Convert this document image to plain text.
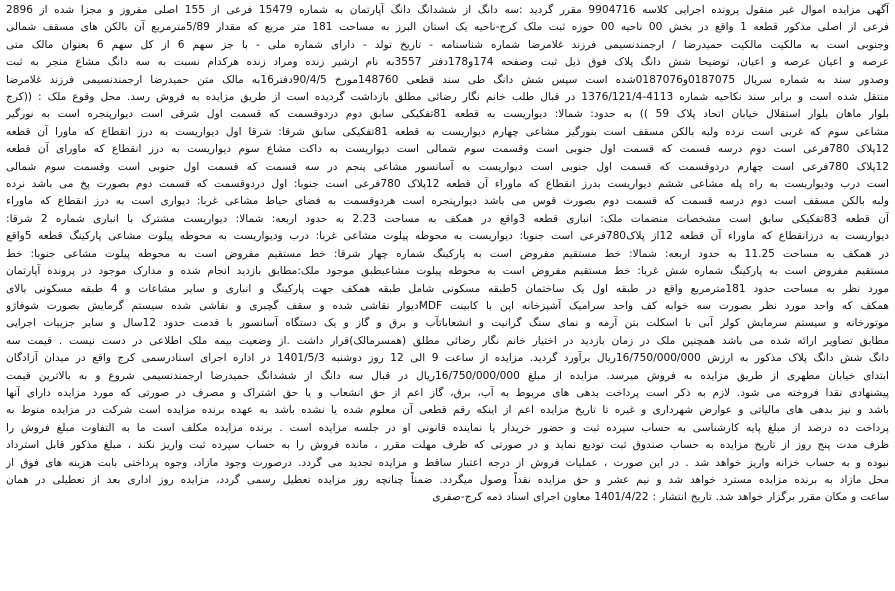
آگهی مزایده اموال غیر منقول پرونده اجرایی کلاسه 9904716 مقرر گردید :سه دانگ از ششدانگ دانگ آپارتمان به شماره 15479 فرعی از 155 اصلی مفروز و مجزا شده از 2896
فرعی از اصلی مذکور قطعه 1 واقع در بخش 00 ناحیه 00 حوزه ثبت ملک کرج-ناحیه یک استان البرز به مساحت 181 متر مربع که مقدار 5/89مترمربع آن بالکن های مسقف شمالی
وجنوبی است به مالکیت مالکیت حمیدرضا / ارجمندنسیمی فرزند غلامرضا شماره شناسنامه - تاریخ تولد - دارای شماره ملی - با جز سهم 6 از کل سهم 6 بعنوان مالک متی
عرصه و اعیان عرصه و اعیان، توضیحا شش دانگ پلاک فوق ذیل ثبت وصفحه 174و178دفتر 3557به نام ارشیر زنده ومراد زنده هرکدام نسبت به سه دانگ مشاع منجر به ثبت
وصدور سند به شماره سریال 0187075و0187076شده است سپس شش دانگ طی سند قطعی 148760مورخ 90/4/5دفتر16به مالک متن حمیدرضا ارجمندنسیمی فرزند غلامرضا
منتقل شده است و برابر سند نکاحیه شماره 4113-1376/121/4 در قبال طلب خانم نگار رضائی مطلق بازداشت گردیده است از طریق مزایده به فروش رسد. محل وقوع ملک : ((کرج
بلوار ماهان بلوار استقلال خیابان اتحاد پلاک 59 )) به حدود: شمالا: دیواریست به قطعه 81تفکیکی سابق دوم دردوقسمت که قسمت اول شرقی است دیوارپنجره است به نورگیر
مشاعی سوم که غربی است نرده ولبه بالکن مسقف است بنورگیر مشاعی چهارم دیواریست به قطعه 81تفکیکی سابق شرقا: شرقا اول دیواریست به درز انقطاع که ماورا آن قطعه
12پلاک 780فرعی است دوم درسه قسمت که قسمت اول جنوبی است وقسمت سوم شمالی است دیواریست به داکت مشاع سوم دیواریست به درز انقطاع که ماورای آن قطعه
12پلاک 780فرعی است چهارم دردوقسمت که قسمت اول جنوبی است دیواریست به آسانسور مشاعی پنجم در سه قسمت که قسمت اول جنوبی است وقسمت سوم شمالی
است درب ودیواریست به راه پله مشاعی ششم دیواریست بدرز انقطاع که ماوراء آن قطعه 12پلاک 780فرعی است جنوبا: اول دردوقسمت که قسمت دوم بصورت پخ می باشد نرده
ولبه بالکن مسقف است دوم درسه قسمت که قسمت دوم بصورت قوس می باشد دیوارپنجره است هردوقسمت به فضای حیاط مشاعی غربا: دیواری است به درز انقطاع که ماوراء
آن قطعه 83تفکیکی سابق است مشخصات منضمات ملک: انباری قطعه 3واقع در همکف به مساحت 2.23 به حدود اربعه: شمالا: دیواریست مشترک با انباری شماره 2 شرقا:
دیواریست به درزانقطاع که ماوراء آن قطعه 12از پلاک780فرعی است جنوبا: دیواریست به محوطه پیلوت مشاعی غربا: درب ودیواریست به محوطه پیلوت مشاعی پارکینگ قطعه 5واقع
در همکف به مساحت 11.25 به حدود اربعه: شمالا: خط مستقیم مفروض است به پارکینگ شماره چهار شرقا: خط مستقیم مفروض است به محوطه پیلوت مشاعی جنوبا: خط
مستقیم مفروض است به پارکینگ شماره شش غربا: خط مستقیم مفروض است به محوطه پیلوت مشاعیطبق موجود ملک:مطابق بازدید انجام شده و مدارک موجود در پرونده آپارتمان
مورد نظر به مساحت حدود 181مترمربع واقع در طبقه اول یک ساختمان 5طبقه مسکونی شامل طبقه همکف جهت پارکینگ و انباری و سایر مشاعات و 4 طبقه مسکونی بالای
همکف که واحد مورد نظر بصورت سه خوابه کف واحد سرامیک آشپزخانه اپن با کابینت MDFدیوار نقاشی شده و سقف گچبری و نقاشی شده سیستم گرمایش بصورت شوفاژو
موتورخانه و سیستم سرمایش کولر آبی با اسکلت بتن آرمه و نمای سنگ گرانیت و انشعاباتآب و برق و گاز و یک دستگاه آسانسور با قدمت حدود 12سال و سایر جزییات اجرایی
مطابق تصاویر ارائه شده می باشد همچنین ملک در زمان بازدید در اختیار خانم نگار رضائی مطلق (همسرمالک)قرار داشت .از وضعیت بیمه ملک اطلاعی در دست نیست . قیمت سه
دانگ شش دانگ پلاک مذکور به ارزش 16/750/000/000ریال برآورد گردید. مزایده از ساعت 9 الی 12 روز دوشنبه 1401/5/3 در اداره اجرای اسنادرسمی کرج واقع در میدان آزادگان
ابتدای خیابان مطهری از طریق مزایده به فروش میرسد. مزایده از مبلغ 16/750/000/000ریال در قبال سه دانگ از ششدانگ حمیدرضا ارجمندنسیمی شروع و به بالاترین قیمت
پیشنهادی نقدا فروخته می شود. لازم به ذکر است پرداخت بدهی های مربوط به آب، برق، گاز اعم از حق انشعاب و یا حق اشتراک و مصرف در صورتی که مورد مزایده دارای آنها
باشد و نیز بدهی های مالیاتی و عوارض شهرداری و غیره تا تاریخ مزایده اعم از اینکه رقم قطعی آن معلوم شده یا نشده باشد به عهده برنده مزایده است شرکت در مزایده منوط به
پرداخت ده درصد از مبلغ پایه کارشناسی به حساب سپرده ثبت و حضور خریدار یا نماینده قانونی او در جلسه مزایده است . برنده مزایده مکلف است ما به التفاوت مبلغ فروش را
ظرف مدت پنج روز از تاریخ مزایده به حساب صندوق ثبت تودیع نماید و در صورتی که ظرف مهلت مقرر ، مانده فروش را به حساب سپرده ثبت واریز نکند ، مبلغ مذکور قابل استرداد
نبوده و به حساب خزانه واریز خواهد شد . در این صورت ، عملیات فروش از درجه اعتبار ساقط و مزایده تجدید می گردد. درصورت وجود مازاد، وجوه پرداختی بابت هزینه های فوق از
محل مازاد به برنده مزایده مسترد خواهد شد و نیم عشر و حق مزایده نقداً وصول میگردد. ضمناً چنانچه روز مزایده تعطیل رسمی گردد، مزایده روز اداری بعد از تعطیلی در همان
ساعت و مکان مقرر برگزار خواهد شد. تاریخ انتشار : 1401/4/22 معاون اجرای اسناد ذمه کرج-صفری
